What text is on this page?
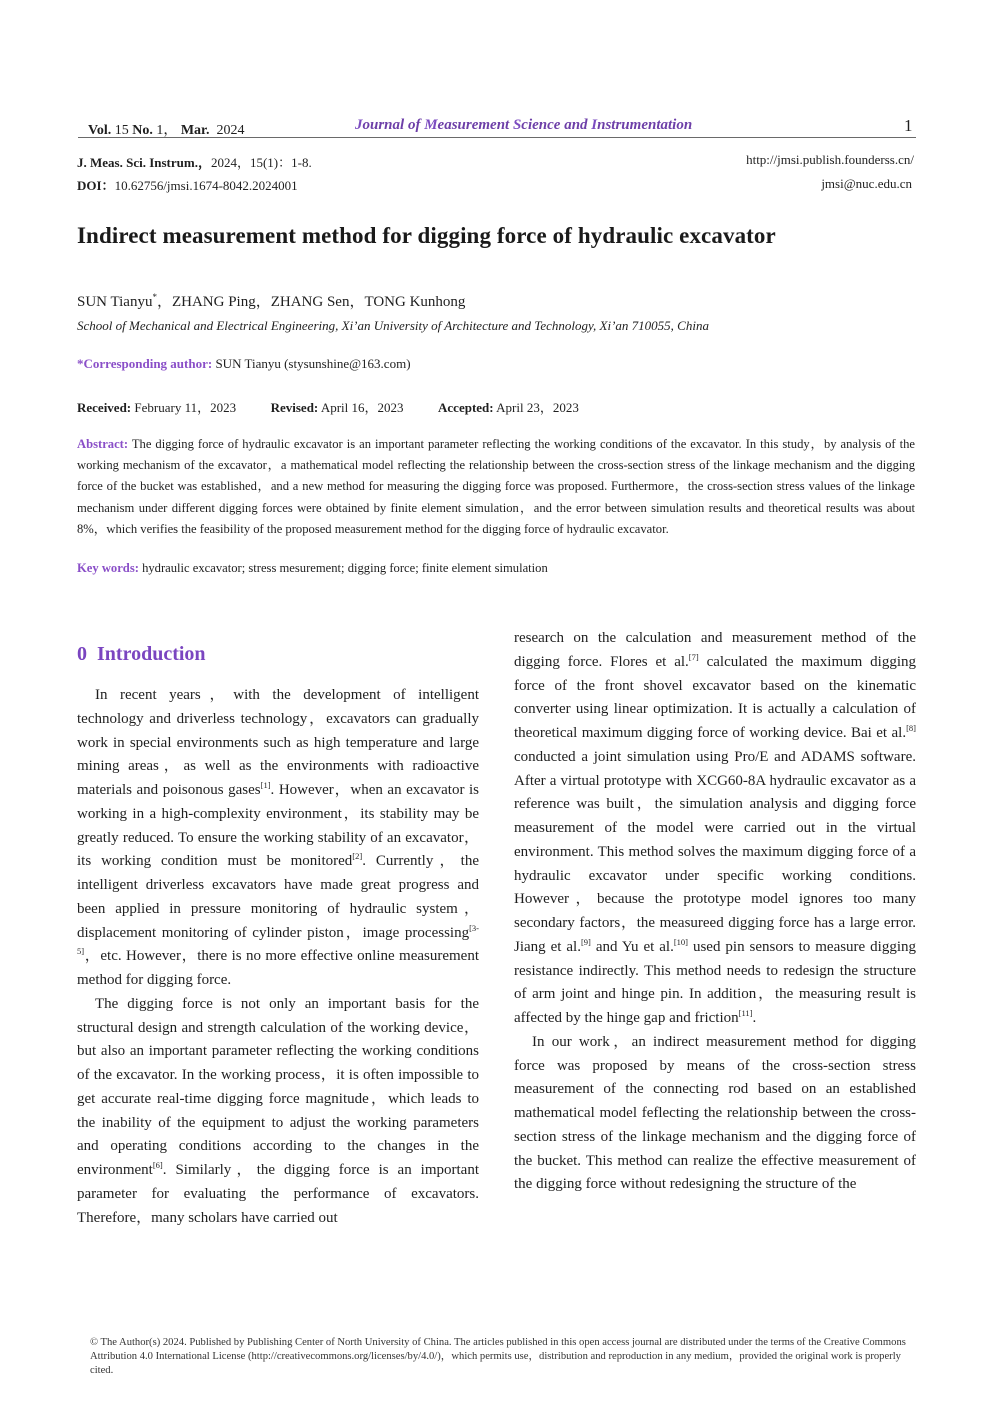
Vol. 15 No. 1， Mar. 2024	Journal of Measurement Science and Instrumentation	1
J. Meas. Sci. Instrum.，2024，15(1)：1-8.
DOI：10.62756/jmsi.1674-8042.2024001
http://jmsi.publish.founderss.cn/
jmsi@nuc.edu.cn
Indirect measurement method for digging force of hydraulic excavator
SUN Tianyu*，ZHANG Ping，ZHANG Sen，TONG Kunhong
School of Mechanical and Electrical Engineering, Xi’an University of Architecture and Technology, Xi’an 710055, China
*Corresponding author: SUN Tianyu (stysunshine@163.com)
Received: February 11，2023	Revised: April 16，2023	Accepted: April 23，2023
Abstract: The digging force of hydraulic excavator is an important parameter reflecting the working conditions of the excavator. In this study，by analysis of the working mechanism of the excavator，a mathematical model reflecting the relationship between the cross-section stress of the linkage mechanism and the digging force of the bucket was established，and a new method for measuring the digging force was proposed. Furthermore，the cross-section stress values of the linkage mechanism under different digging forces were obtained by finite element simulation，and the error between simulation results and theoretical results was about 8%，which verifies the feasibility of the proposed measurement method for the digging force of hydraulic excavator.
Key words: hydraulic excavator; stress mesurement; digging force; finite element simulation
0 Introduction

In recent years，with the development of intelligent technology and driverless technology，excavators can gradually work in special environments such as high temperature and large mining areas，as well as the environments with radioactive materials and poisonous gases[1]. However，when an excavator is working in a high-complexity environment，its stability may be greatly reduced. To ensure the working stability of an excavator，its working condition must be monitored[2]. Currently，the intelligent driverless excavators have made great progress and been applied in pressure monitoring of hydraulic system，displacement monitoring of cylinder piston，image processing[3-5]，etc. However，there is no more effective online measurement method for digging force.

The digging force is not only an important basis for the structural design and strength calculation of the working device，but also an important parameter reflecting the working conditions of the excavator. In the working process，it is often impossible to get accurate real-time digging force magnitude，which leads to the inability of the equipment to adjust the working parameters and operating conditions according to the changes in the environment[6]. Similarly，the digging force is an important parameter for evaluating the performance of excavators. Therefore，many scholars have carried out

research on the calculation and measurement method of the digging force. Flores et al.[7] calculated the maximum digging force of the front shovel excavator based on the kinematic converter using linear optimization. It is actually a calculation of theoretical maximum digging force of working device. Bai et al.[8] conducted a joint simulation using Pro/E and ADAMS software. After a virtual prototype with XCG60-8A hydraulic excavator as a reference was built，the simulation analysis and digging force measurement of the model were carried out in the virtual environment. This method solves the maximum digging force of a hydraulic excavator under specific working conditions. However，because the prototype model ignores too many secondary factors，the measureed digging force has a large error. Jiang et al.[9] and Yu et al.[10] used pin sensors to measure digging resistance indirectly. This method needs to redesign the structure of arm joint and hinge pin. In addition，the measuring result is affected by the hinge gap and friction[11].

In our work，an indirect measurement method for digging force was proposed by means of the cross-section stress measurement of the connecting rod based on an established mathematical model feflecting the relationship between the cross-section stress of the linkage mechanism and the digging force of the bucket. This method can realize the effective measurement of the digging force without redesigning the structure of the

© The Author(s) 2024. Published by Publishing Center of North University of China. The articles published in this open access journal are distributed under the terms of the Creative Commons Attribution 4.0 International License (http://creativecommons.org/licenses/by/4.0/)，which permits use，distribution and reproduction in any medium，provided the original work is properly cited.
